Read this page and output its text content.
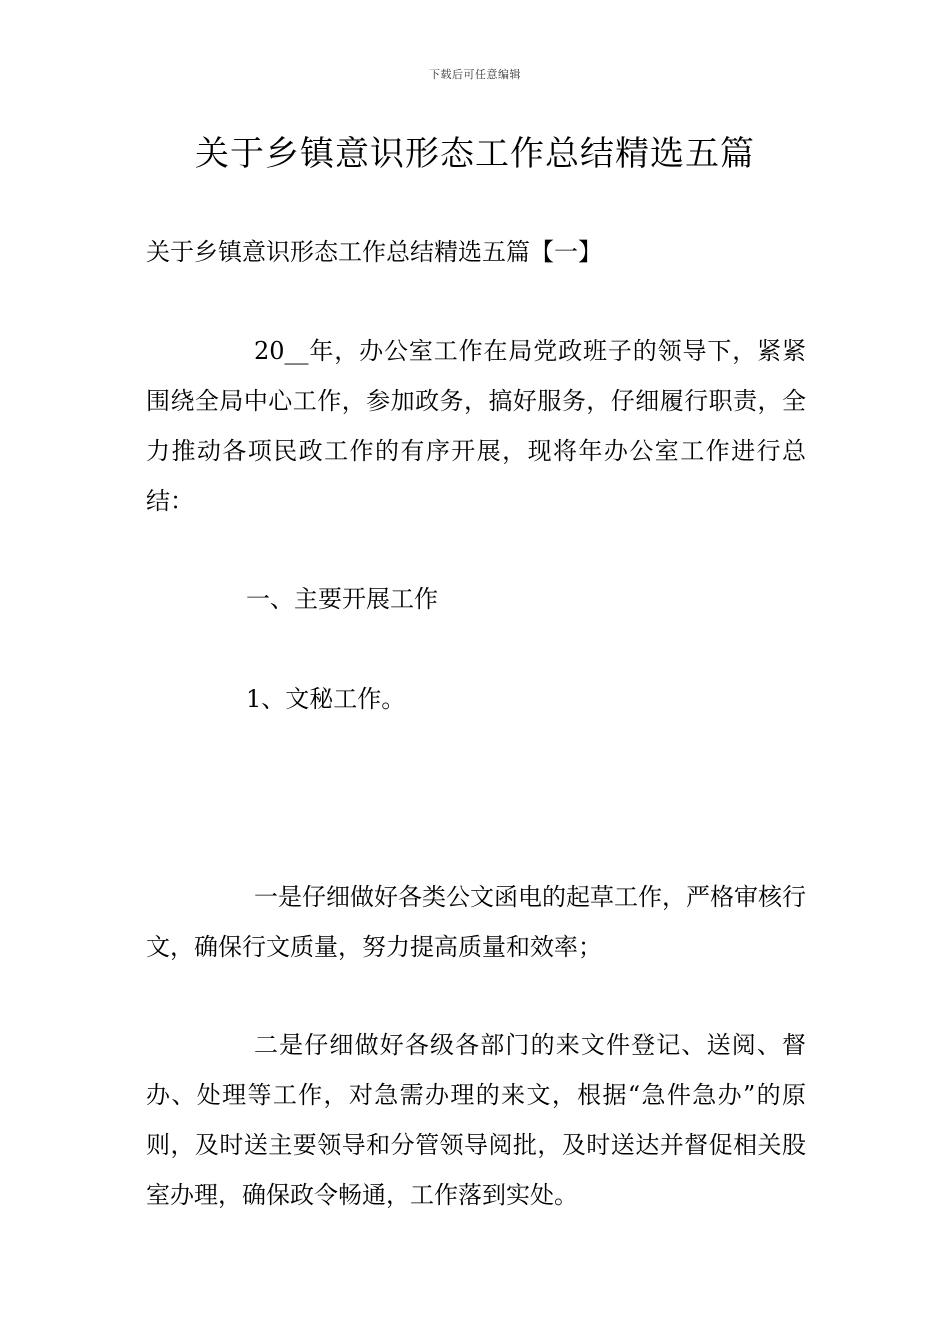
下载后可任意编辑
关于乡镇意识形态工作总结精选五篇
关于乡镇意识形态工作总结精选五篇【一】

20__年，办公室工作在局党政班子的领导下，紧紧围绕全局中心工作，参加政务，搞好服务，仔细履行职责，全力推动各项民政工作的有序开展，现将年办公室工作进行总结：

一、主要开展工作

1、文秘工作。

一是仔细做好各类公文函电的起草工作，严格审核行文，确保行文质量，努力提高质量和效率；

二是仔细做好各级各部门的来文件登记、送阅、督办、处理等工作，对急需办理的来文，根据“急件急办”的原则，及时送主要领导和分管领导阅批，及时送达并督促相关股室办理，确保政令畅通，工作落到实处。
